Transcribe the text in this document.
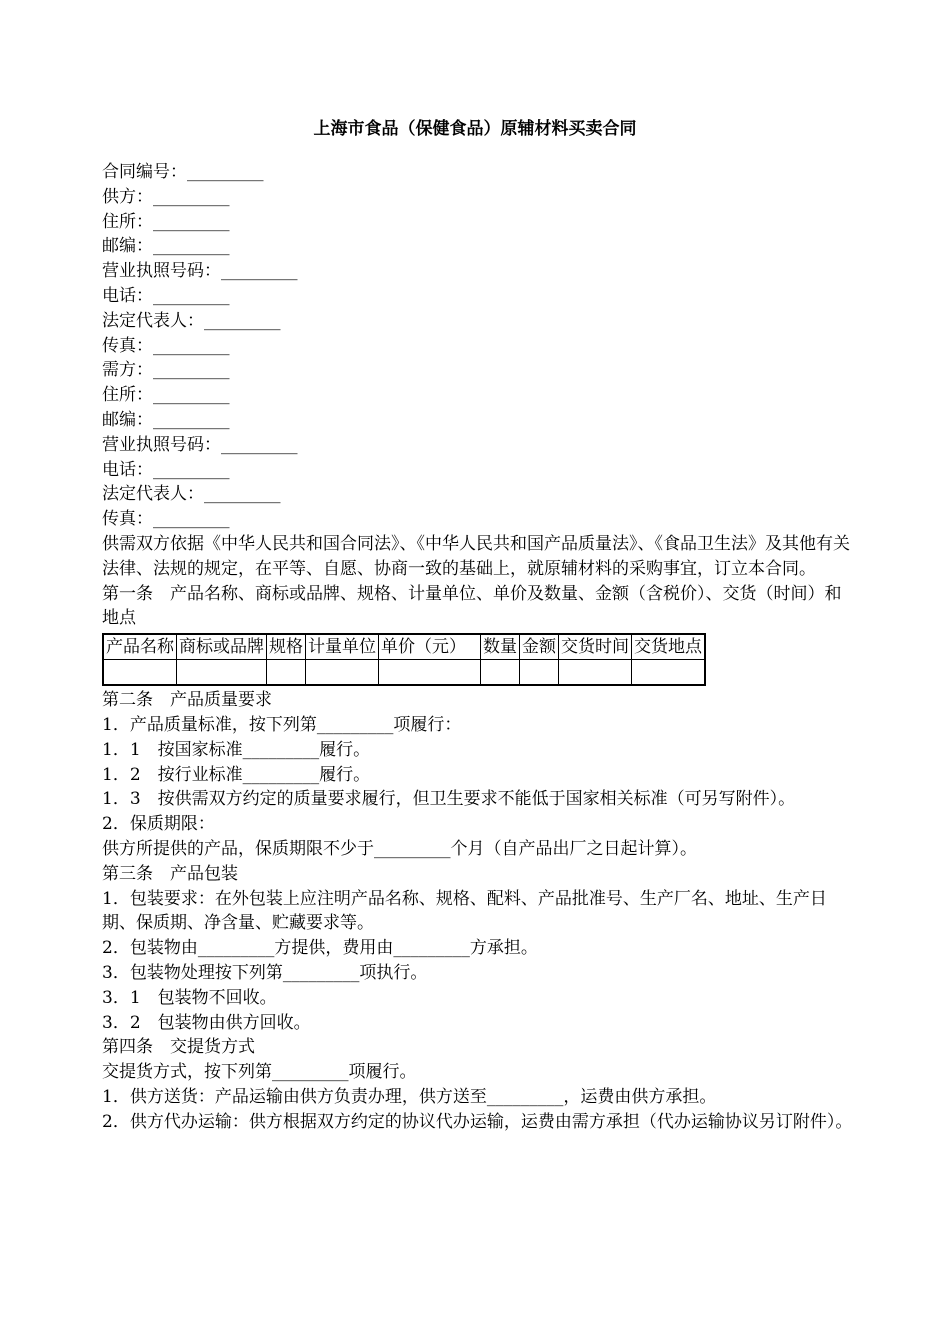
上海市食品（保健食品）原辅材料买卖合同
合同编号：_________
供方：_________
住所：_________
邮编：_________
营业执照号码：_________
电话：_________
法定代表人：_________
传真：_________
需方：_________
住所：_________
邮编：_________
营业执照号码：_________
电话：_________
法定代表人：_________
传真：_________
供需双方依据《中华人民共和国合同法》、《中华人民共和国产品质量法》、《食品卫生法》及其他有关法律、法规的规定，在平等、自愿、协商一致的基础上，就原辅材料的采购事宜，订立本合同。
第一条　产品名称、商标或品牌、规格、计量单位、单价及数量、金额（含税价）、交货（时间）和地点
产品名称	商标或品牌	规格	计量单位	单价（元）	数量	金额	交货时间	交货地点

第二条　产品质量要求
1．产品质量标准，按下列第_________项履行：
1．1　按国家标准_________履行。
1．2　按行业标准_________履行。
1．3　按供需双方约定的质量要求履行，但卫生要求不能低于国家相关标准（可另写附件）。
2．保质期限：
供方所提供的产品，保质期限不少于_________个月（自产品出厂之日起计算）。
第三条　产品包装
1．包装要求：在外包装上应注明产品名称、规格、配料、产品批准号、生产厂名、地址、生产日期、保质期、净含量、贮藏要求等。
2．包装物由_________方提供，费用由_________方承担。
3．包装物处理按下列第_________项执行。
3．1　包装物不回收。
3．2　包装物由供方回收。
第四条　交提货方式
交提货方式，按下列第_________项履行。
1．供方送货：产品运输由供方负责办理，供方送至_________，运费由供方承担。
2．供方代办运输：供方根据双方约定的协议代办运输，运费由需方承担（代办运输协议另订附件）。
